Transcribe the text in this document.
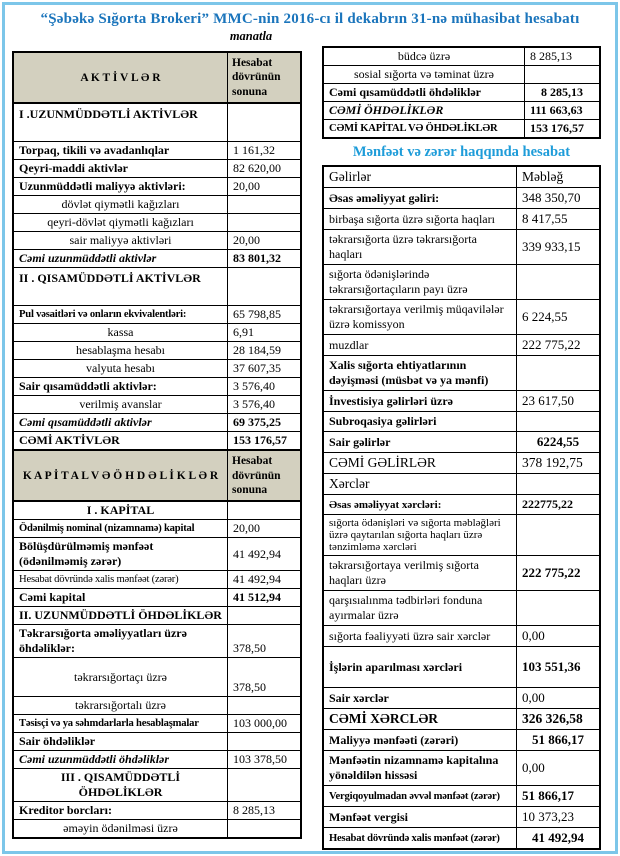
“Şəbəkə Sığorta Brokeri” MMC-nin 2016-cı il dekabrın 31-nə mühasibat hesabatı
manatla
A K T İ V L Ə R	Hesabat dövrünün sonuna
I .UZUNMÜDDƏTLİ AKTİVLƏR	
Torpaq, tikili və avadanlıqlar	1 161,32
Qeyri-maddi aktivlər	82 620,00
Uzunmüddətli maliyyə aktivləri:	20,00
dövlət qiymətli kağızları	
qeyri-dövlət qiymətli kağızları	
sair maliyyə aktivləri	20,00
Cəmi uzunmüddətli aktivlər	83 801,32
II . QISAMÜDDƏTLİ AKTİVLƏR	
Pul vəsaitləri və onların ekvivalentləri:	65 798,85
kassa	6,91
hesablaşma hesabı	28 184,59
valyuta hesabı	37 607,35
Sair qısamüddətli aktivlər:	3 576,40
verilmiş avanslar	3 576,40
Cəmi qısamüddətli aktivlər	69 375,25
CƏMİ AKTİVLƏR	153 176,57
K A P İ T A L V Ə Ö H D Ə L İ K L Ə R	Hesabat dövrünün sonuna
I . KAPİTAL	
Ödənilmiş nominal (nizamnamə) kapital	20,00
Bölüşdürülməmiş mənfəət (ödənilməmiş zərər)	41 492,94
Hesabat dövründə xalis mənfəət (zərər)	41 492,94
Cəmi kapital	41 512,94
II. UZUNMÜDDƏTLİ ÖHDƏLİKLƏR	
Təkrarsığorta əməliyyatları üzrə öhdəliklər:	378,50
təkrarsığortaçı üzrə	378,50
təkrarsığortalı üzrə	
Təsisçi və ya səhmdarlarla hesablaşmalar	103 000,00
Sair öhdəliklər	
Cəmi uzunmüddətli öhdəliklər	103 378,50
III . QISAMÜDDƏTLİ ÖHDƏLİKLƏR	
Kreditor borcları:	8 285,13
əməyin ödənilməsi üzrə	
büdcə üzrə	8 285,13
sosial sığorta və təminat üzrə	
Cəmi qısamüddətli öhdəliklər	8 285,13
CƏMİ ÖHDƏLİKLƏR	111 663,63
CƏMİ KAPİTAL VƏ ÖHDƏLİKLƏR	153 176,57
Mənfəət və zərər haqqında hesabat
Gəlirlər	Məbləğ
Əsas əməliyyat gəliri:	348 350,70
birbaşa sığorta üzrə sığorta haqları	8 417,55
təkrarsığorta üzrə təkrarsığorta haqları	339 933,15
sığorta ödənişlərində təkrarsığortaçıların payı üzrə	
təkrarsığortaya verilmiş müqavilələr üzrə komissyon	6 224,55
muzdlar	222 775,22
Xalis sığorta ehtiyatlarının dəyişməsi (müsbət və ya mənfi)	
İnvestisiya gəlirləri üzrə	23 617,50
Subroqasiya gəlirləri	
Sair gəlirlər	6224,55
CƏMİ GƏLİRLƏR	378 192,75
Xərclər	
Əsas əməliyyat xərcləri:	222775,22
sığorta ödənişləri və sığorta məbləğləri üzrə qaytarılan sığorta haqları üzrə tənzimləmə xərcləri	
təkrarsığortaya verilmiş sığorta haqları üzrə	222 775,22
qarşısıalınma tədbirləri fonduna ayırmalar üzrə	
sığorta fəaliyyəti üzrə sair xərclər	0,00
İşlərin aparılması xərcləri	103 551,36
Sair xərclər	0,00
CƏMİ XƏRCLƏR	326 326,58
Maliyyə mənfəəti (zərəri)	51 866,17
Mənfəətin nizamnamə kapitalına yönəldilən hissəsi	0,00
Vergiqoyulmadan əvvəl mənfəət (zərər)	51 866,17
Mənfəət vergisi	10 373,23
Hesabat dövründə xalis mənfəət (zərər)	41 492,94
